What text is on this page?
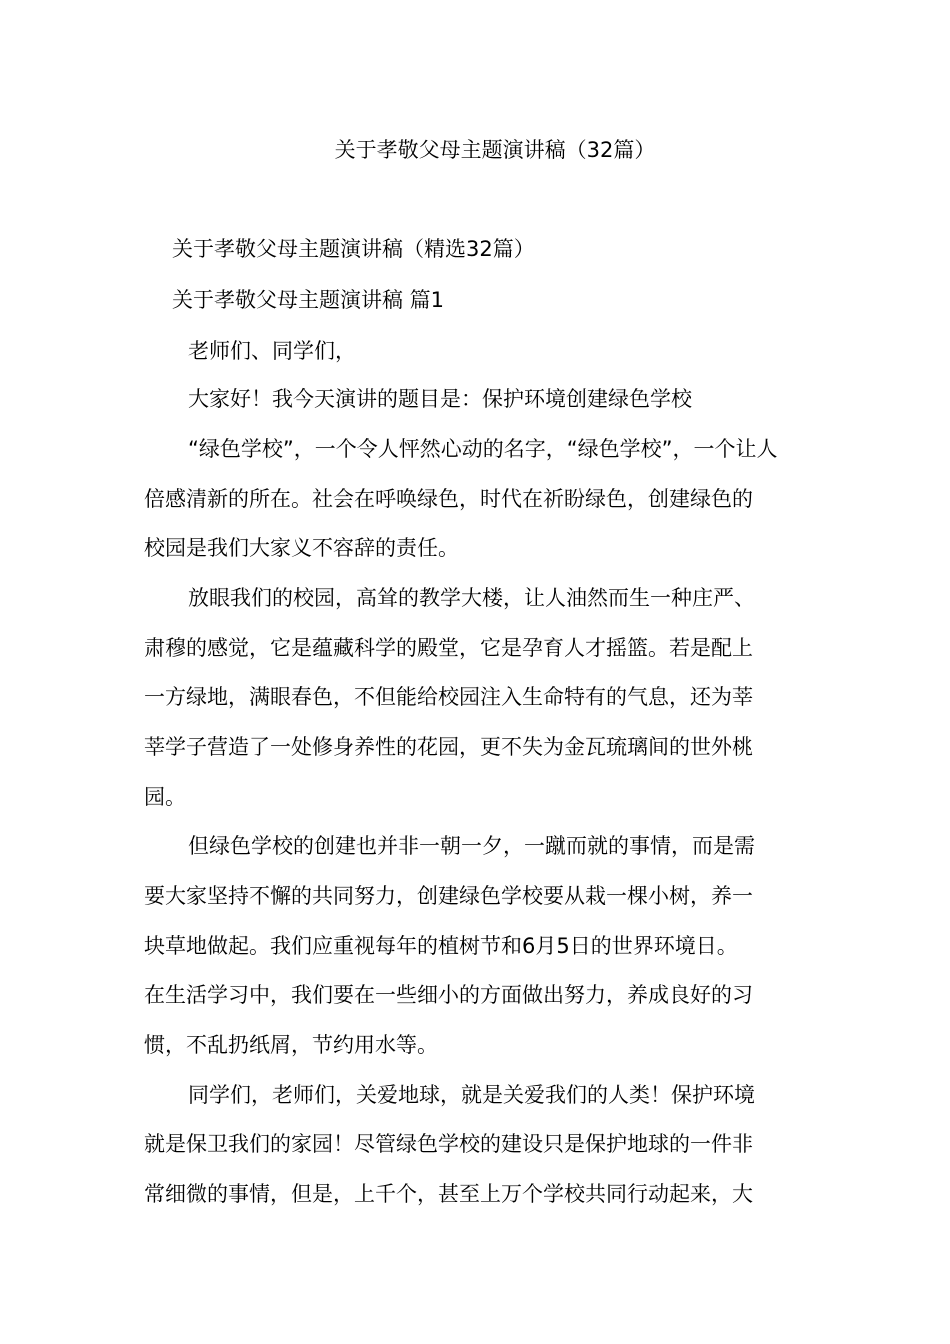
关于孝敬父母主题演讲稿（32篇）

关于孝敬父母主题演讲稿（精选32篇）

关于孝敬父母主题演讲稿 篇1

老师们、同学们，

大家好！我今天演讲的题目是：保护环境创建绿色学校

“绿色学校”，一个令人怦然心动的名字，“绿色学校”，一个让人

倍感清新的所在。社会在呼唤绿色，时代在祈盼绿色，创建绿色的

校园是我们大家义不容辞的责任。

放眼我们的校园，高耸的教学大楼，让人油然而生一种庄严、

肃穆的感觉，它是蕴藏科学的殿堂，它是孕育人才摇篮。若是配上

一方绿地，满眼春色，不但能给校园注入生命特有的气息，还为莘

莘学子营造了一处修身养性的花园，更不失为金瓦琉璃间的世外桃

园。

但绿色学校的创建也并非一朝一夕，一蹴而就的事情，而是需

要大家坚持不懈的共同努力，创建绿色学校要从栽一棵小树，养一

块草地做起。我们应重视每年的植树节和6月5日的世界环境日。

在生活学习中，我们要在一些细小的方面做出努力，养成良好的习

惯，不乱扔纸屑，节约用水等。

同学们，老师们，关爱地球，就是关爱我们的人类！保护环境

就是保卫我们的家园！尽管绿色学校的建设只是保护地球的一件非

常细微的事情，但是，上千个，甚至上万个学校共同行动起来，大
